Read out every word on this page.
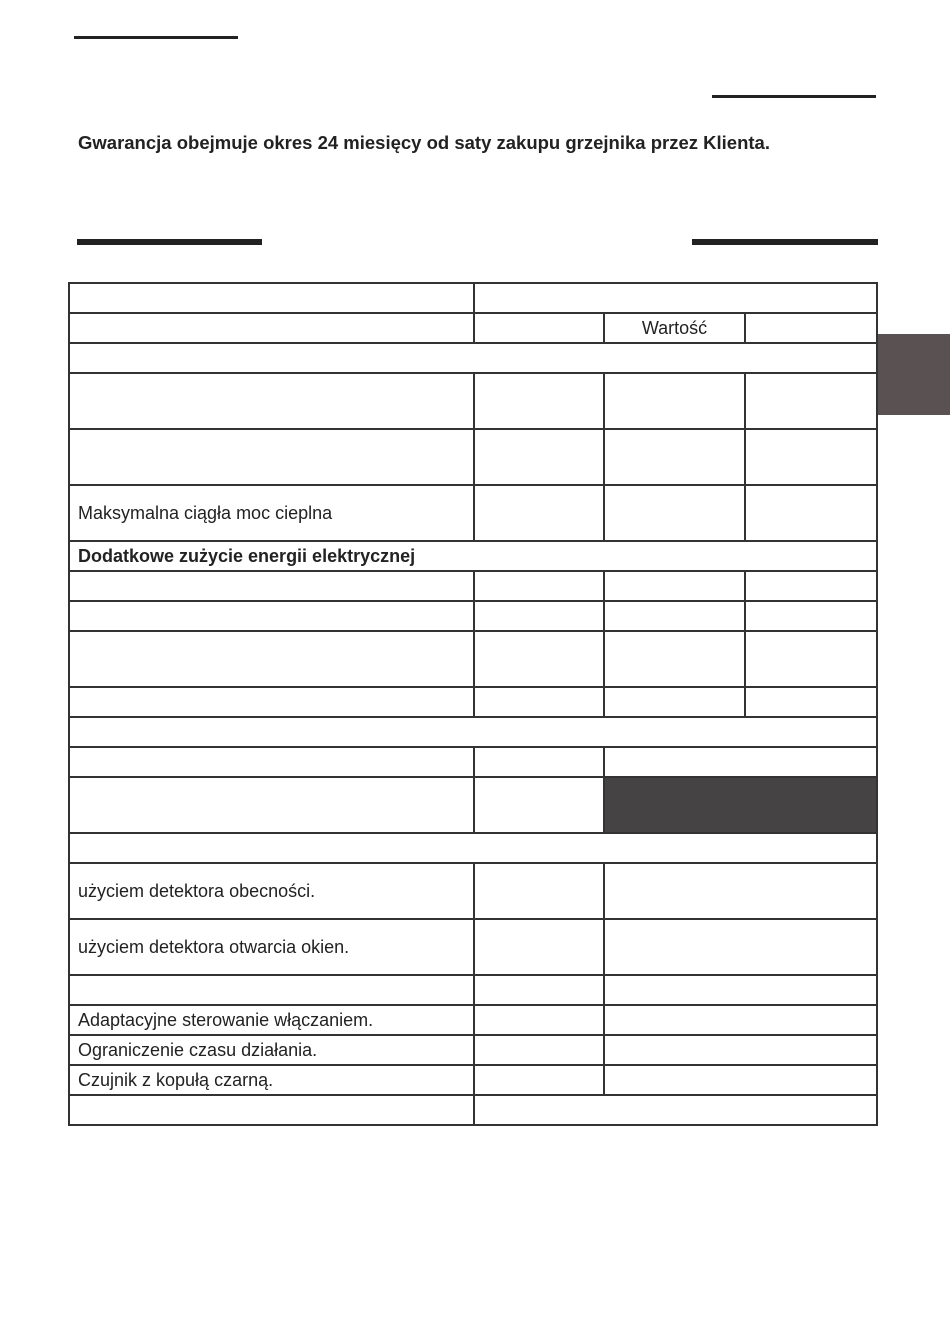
Gwarancja obejmuje okres 24 miesięcy od saty zakupu grzejnika przez Klienta.

		Wartość	

Maksymalna ciągła moc cieplna			
Dodatkowe zużycie energii elektrycznej			

użyciem detektora obecności.			
użyciem detektora otwarcia okien.			

Adaptacyjne sterowanie włączaniem.			
Ograniczenie czasu działania.			
Czujnik z kopułą czarną.			
